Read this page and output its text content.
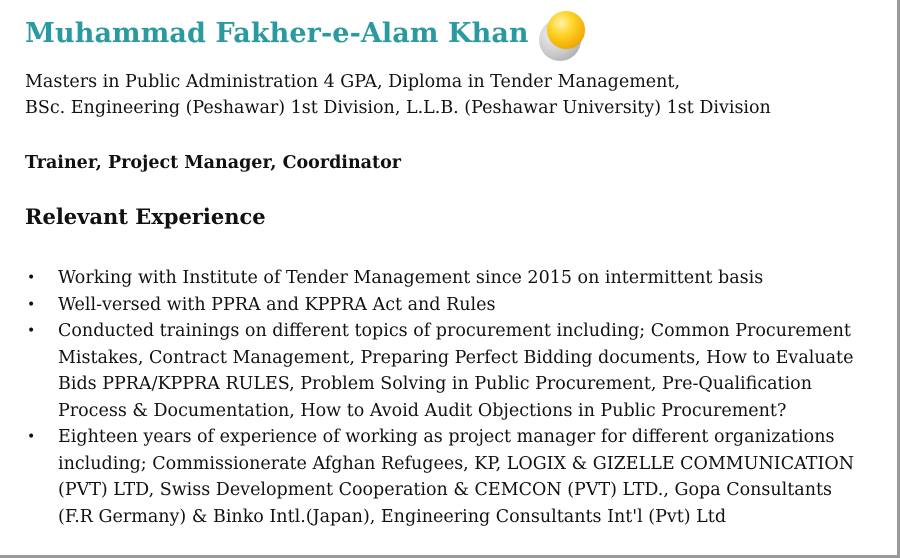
Muhammad Fakher-e-Alam Khan
Masters in Public Administration 4 GPA, Diploma in Tender Management,
BSc. Engineering (Peshawar) 1st Division, L.L.B. (Peshawar University) 1st Division
Trainer, Project Manager, Coordinator
Relevant Experience
• Working with Institute of Tender Management since 2015 on intermittent basis
• Well-versed with PPRA and KPPRA Act and Rules
• Conducted trainings on different topics of procurement including; Common Procurement
Mistakes, Contract Management, Preparing Perfect Bidding documents, How to Evaluate
Bids PPRA/KPPRA RULES, Problem Solving in Public Procurement, Pre-Qualification
Process & Documentation, How to Avoid Audit Objections in Public Procurement?
• Eighteen years of experience of working as project manager for different organizations
including; Commissionerate Afghan Refugees, KP, LOGIX & GIZELLE COMMUNICATION
(PVT) LTD, Swiss Development Cooperation & CEMCON (PVT) LTD., Gopa Consultants
(F.R Germany) & Binko Intl.(Japan), Engineering Consultants Int'l (Pvt) Ltd
